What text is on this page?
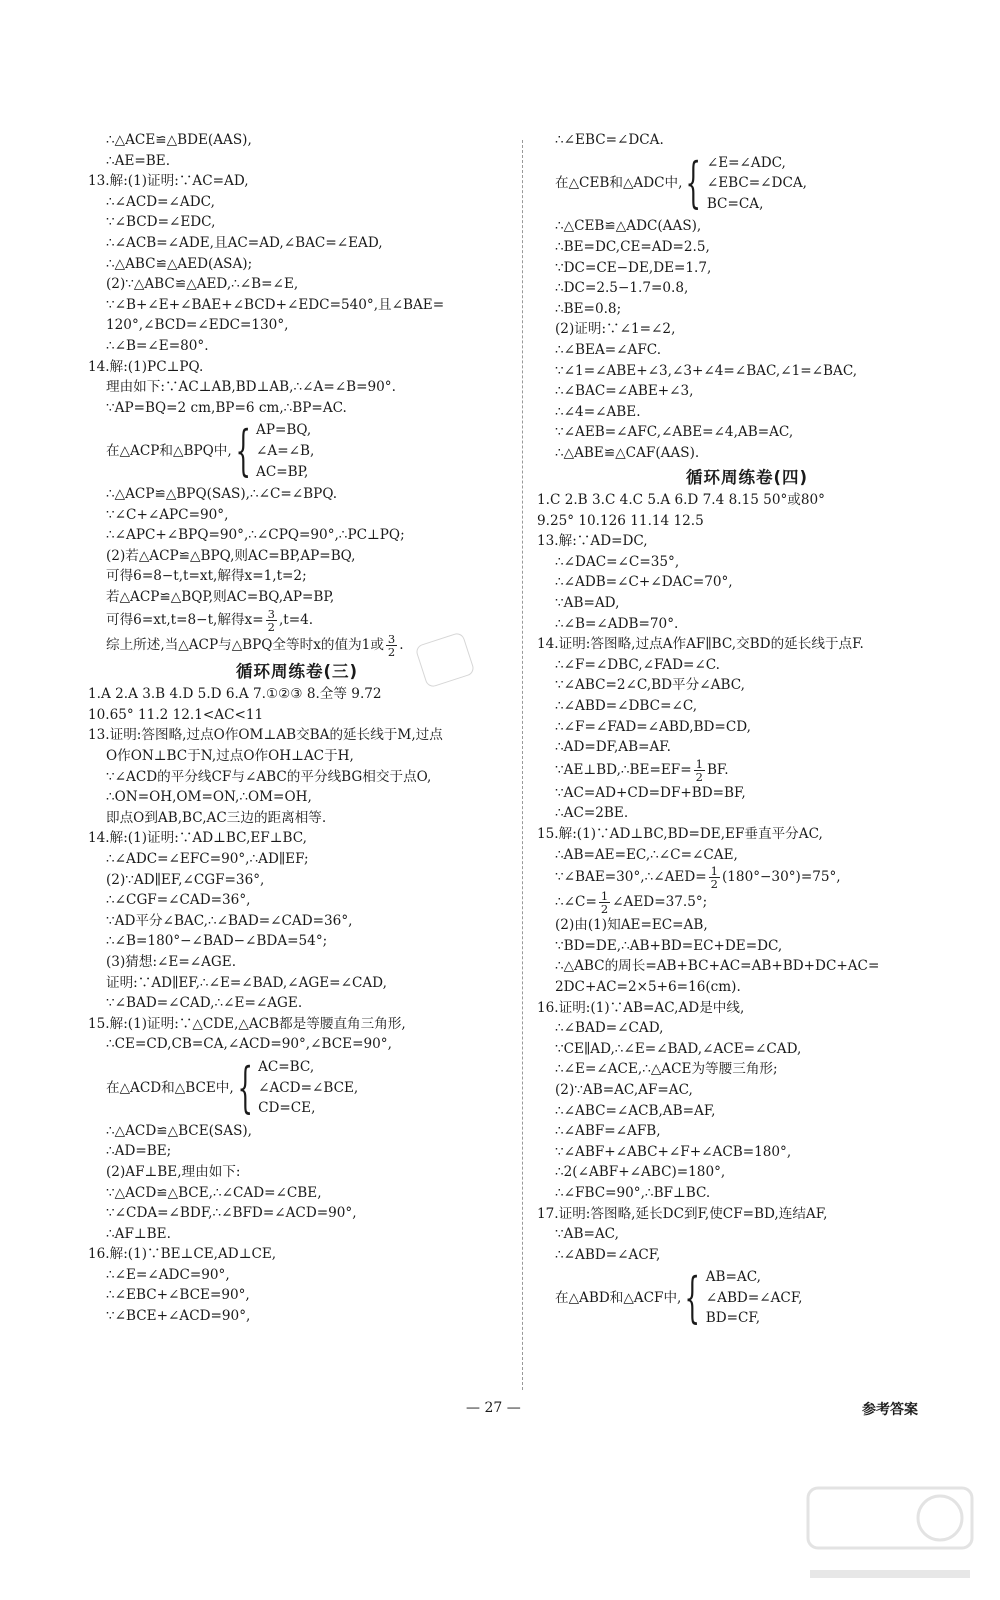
∴△ACE≌△BDE(AAS),
∴AE=BE.
13.解:(1)证明:∵AC=AD,
∴∠ACD=∠ADC,
∵∠BCD=∠EDC,
∴∠ACB=∠ADE,且AC=AD,∠BAC=∠EAD,
∴△ABC≌△AED(ASA);
(2)∵△ABC≌△AED,∴∠B=∠E,
∵∠B+∠E+∠BAE+∠BCD+∠EDC=540°,且∠BAE=
120°,∠BCD=∠EDC=130°,
∴∠B=∠E=80°.
14.解:(1)PC⊥PQ.
理由如下:∵AC⊥AB,BD⊥AB,∴∠A=∠B=90°.
∵AP=BQ=2 cm,BP=6 cm,∴BP=AC.
在△ACP和△BPQ中, { AP=BQ,
∠A=∠B,
AC=BP,
∴△ACP≌△BPQ(SAS),∴∠C=∠BPQ.
∵∠C+∠APC=90°,
∴∠APC+∠BPQ=90°,∴∠CPQ=90°,∴PC⊥PQ;
(2)若△ACP≌△BPQ,则AC=BP,AP=BQ,
可得6=8−t,t=xt,解得x=1,t=2;
若△ACP≌△BQP,则AC=BQ,AP=BP,
可得6=xt,t=8−t,解得$x= \frac{3}{2} ,t=4$.
综上所述,当△ACP与△BPQ全等时x的值为1或 $\frac{3}{2}$ .
循环周练卷(三)
1.A 2.A 3.B 4.D 5.D 6.A 7.①②③ 8.全等 9.72
10.65° 11.2 12.1<AC<11
13.证明:答图略,过点O作OM⊥AB交BA的延长线于M,过点
O作ON⊥BC于N,过点O作OH⊥AC于H,
∵∠ACD的平分线CF与∠ABC的平分线BG相交于点O,
∴ON=OH,OM=ON,∴OM=OH,
即点O到AB,BC,AC三边的距离相等.
14.解:(1)证明:∵AD⊥BC,EF⊥BC,
∴∠ADC=∠EFC=90°,∴AD∥EF;
(2)∵AD∥EF,∠CGF=36°,
∴∠CGF=∠CAD=36°,
∵AD平分∠BAC,∴∠BAD=∠CAD=36°,
∴∠B=180°−∠BAD−∠BDA=54°;
(3)猜想:∠E=∠AGE.
证明:∵AD∥EF,∴∠E=∠BAD,∠AGE=∠CAD,
∵∠BAD=∠CAD,∴∠E=∠AGE.
15.解:(1)证明:∵△CDE,△ACB都是等腰直角三角形,
∴CE=CD,CB=CA,∠ACD=90°,∠BCE=90°,
在△ACD和△BCE中, { AC=BC,
∠ACD=∠BCE,
CD=CE,
∴△ACD≌△BCE(SAS),
∴AD=BE;
(2)AF⊥BE,理由如下:
∵△ACD≌△BCE,∴∠CAD=∠CBE,
∵∠CDA=∠BDF,∴∠BFD=∠ACD=90°,
∴AF⊥BE.
16.解:(1)∵BE⊥CE,AD⊥CE,
∴∠E=∠ADC=90°,
∴∠EBC+∠BCE=90°,
∵∠BCE+∠ACD=90°,
∴∠EBC=∠DCA.
在△CEB和△ADC中, { ∠E=∠ADC,
∠EBC=∠DCA,
BC=CA,
∴△CEB≌△ADC(AAS),
∴BE=DC,CE=AD=2.5,
∵DC=CE−DE,DE=1.7,
∴DC=2.5−1.7=0.8,
∴BE=0.8;
(2)证明:∵∠1=∠2,
∴∠BEA=∠AFC.
∵∠1=∠ABE+∠3,∠3+∠4=∠BAC,∠1=∠BAC,
∴∠BAC=∠ABE+∠3,
∴∠4=∠ABE.
∵∠AEB=∠AFC,∠ABE=∠4,AB=AC,
∴△ABE≌△CAF(AAS).
循环周练卷(四)
1.C 2.B 3.C 4.C 5.A 6.D 7.4 8.15 50°或80°
9.25° 10.126 11.14 12.5
13.解:∵AD=DC,
∴∠DAC=∠C=35°,
∴∠ADB=∠C+∠DAC=70°,
∵AB=AD,
∴∠B=∠ADB=70°.
14.证明:答图略,过点A作AF∥BC,交BD的延长线于点F.
∴∠F=∠DBC,∠FAD=∠C.
∵∠ABC=2∠C,BD平分∠ABC,
∴∠ABD=∠DBC=∠C,
∴∠F=∠FAD=∠ABD,BD=CD,
∴AD=DF,AB=AF.
∵AE⊥BD,∴BE=EF= $\frac{1}{2}$ BF.
∵AC=AD+CD=DF+BD=BF,
∴AC=2BE.
15.解:(1)∵AD⊥BC,BD=DE,EF垂直平分AC,
∴AB=AE=EC,∴∠C=∠CAE,
∵∠BAE=30°,∴∠AED= $\frac{1}{2} (180^\circ-30^\circ)=75^\circ$,
∴∠C= $\frac{1}{2}$ ∠AED=37.5°;
(2)由(1)知AE=EC=AB,
∵BD=DE,∴AB+BD=EC+DE=DC,
∴△ABC的周长=AB+BC+AC=AB+BD+DC+AC=
2DC+AC=2×5+6=16(cm).
16.证明:(1)∵AB=AC,AD是中线,
∴∠BAD=∠CAD,
∵CE∥AD,∴∠E=∠BAD,∠ACE=∠CAD,
∴∠E=∠ACE,∴△ACE为等腰三角形;
(2)∵AB=AC,AF=AC,
∴∠ABC=∠ACB,AB=AF,
∴∠ABF=∠AFB,
∵∠ABF+∠ABC+∠F+∠ACB=180°,
∴2(∠ABF+∠ABC)=180°,
∴∠FBC=90°,∴BF⊥BC.
17.证明:答图略,延长DC到F,使CF=BD,连结AF,
∵AB=AC,
∴∠ABD=∠ACF,
在△ABD和△ACF中, { AB=AC,
∠ABD=∠ACF,
BD=CF,
— 27 —	参考答案
